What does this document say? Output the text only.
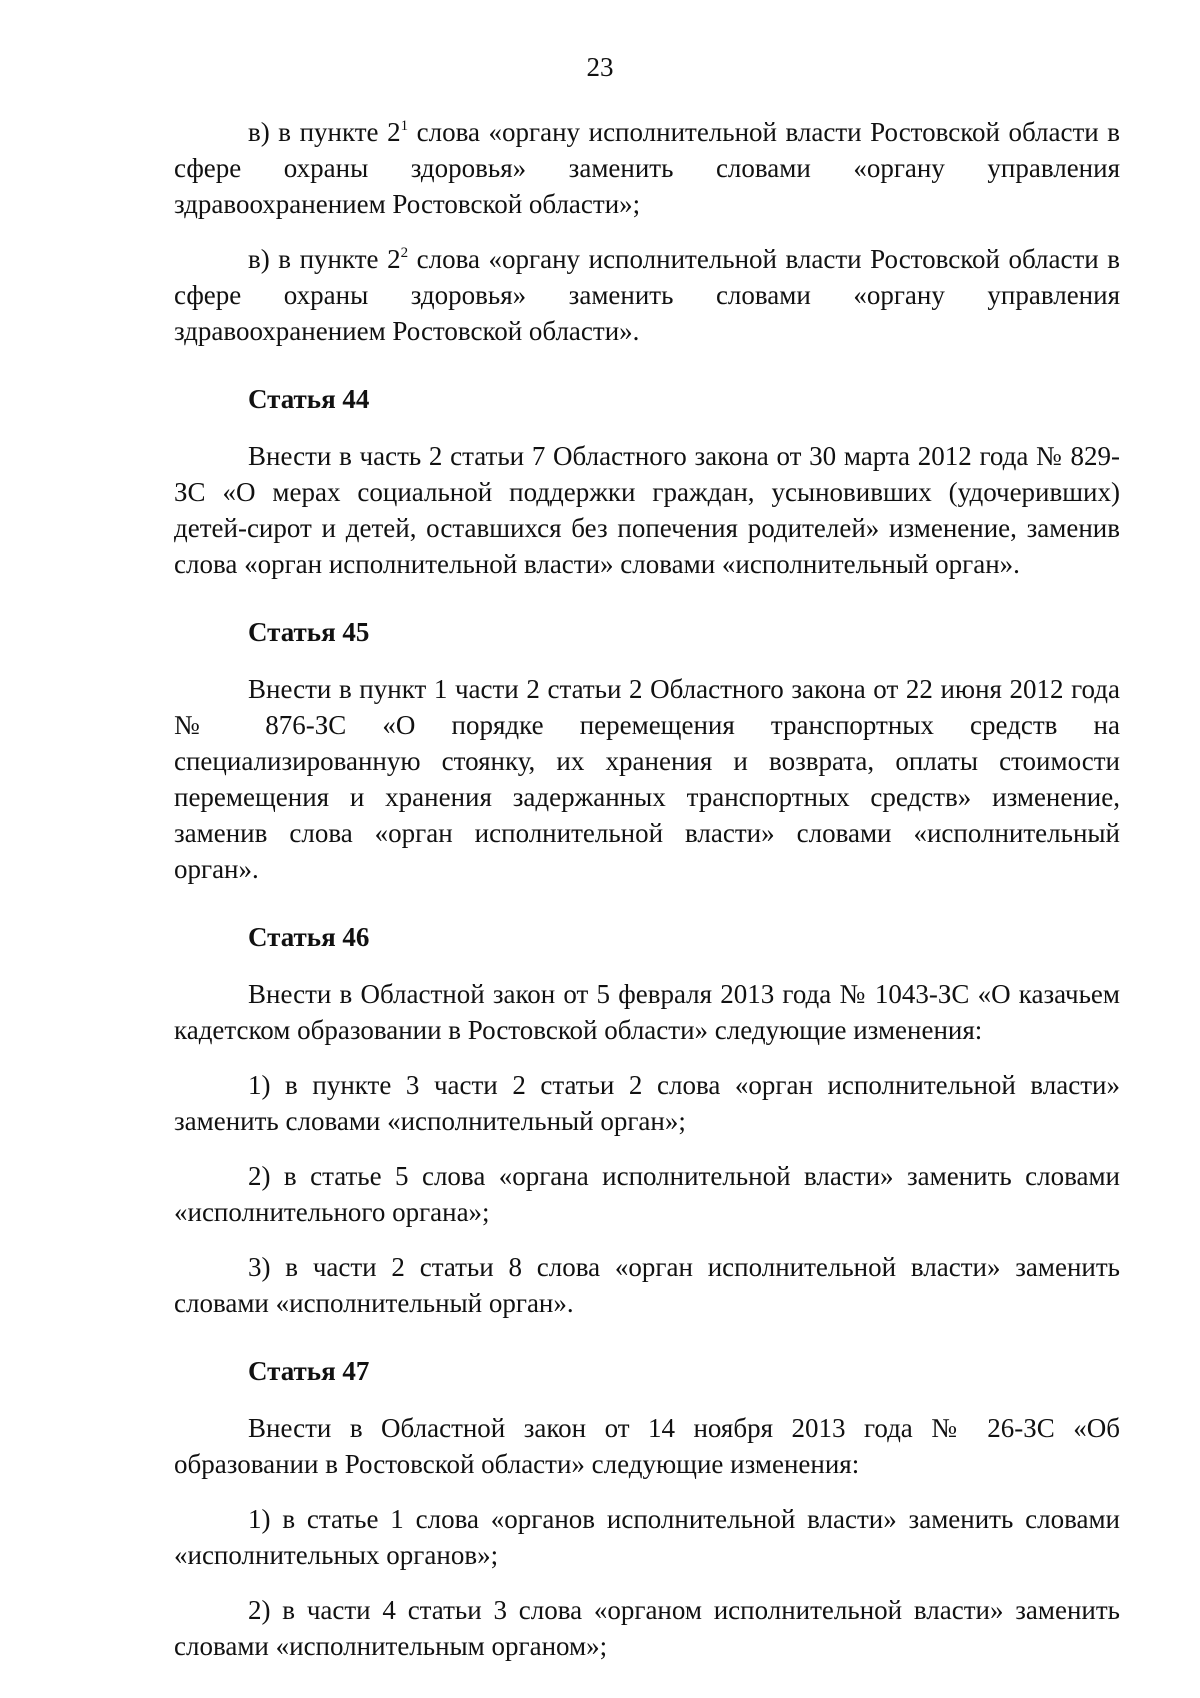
23

в) в пункте $2^1$ слова «органу исполнительной власти Ростовской области в сфере охраны здоровья» заменить словами «органу управления здравоохранением Ростовской области»;

в) в пункте $2^2$ слова «органу исполнительной власти Ростовской области в сфере охраны здоровья» заменить словами «органу управления здравоохранением Ростовской области».

Статья 44

Внести в часть 2 статьи 7 Областного закона от 30 марта 2012 года № 829-ЗС «О мерах социальной поддержки граждан, усыновивших (удочеривших) детей-сирот и детей, оставшихся без попечения родителей» изменение, заменив слова «орган исполнительной власти» словами «исполнительный орган».

Статья 45

Внести в пункт 1 части 2 статьи 2 Областного закона от 22 июня 2012 года № 876-ЗС «О порядке перемещения транспортных средств на специализированную стоянку, их хранения и возврата, оплаты стоимости перемещения и хранения задержанных транспортных средств» изменение, заменив слова «орган исполнительной власти» словами «исполнительный орган».

Статья 46

Внести в Областной закон от 5 февраля 2013 года № 1043-ЗС «О казачьем кадетском образовании в Ростовской области» следующие изменения:

1) в пункте 3 части 2 статьи 2 слова «орган исполнительной власти» заменить словами «исполнительный орган»;

2) в статье 5 слова «органа исполнительной власти» заменить словами «исполнительного органа»;

3) в части 2 статьи 8 слова «орган исполнительной власти» заменить словами «исполнительный орган».

Статья 47

Внести в Областной закон от 14 ноября 2013 года № 26-ЗС «Об образовании в Ростовской области» следующие изменения:

1) в статье 1 слова «органов исполнительной власти» заменить словами «исполнительных органов»;

2) в части 4 статьи 3 слова «органом исполнительной власти» заменить словами «исполнительным органом»;
